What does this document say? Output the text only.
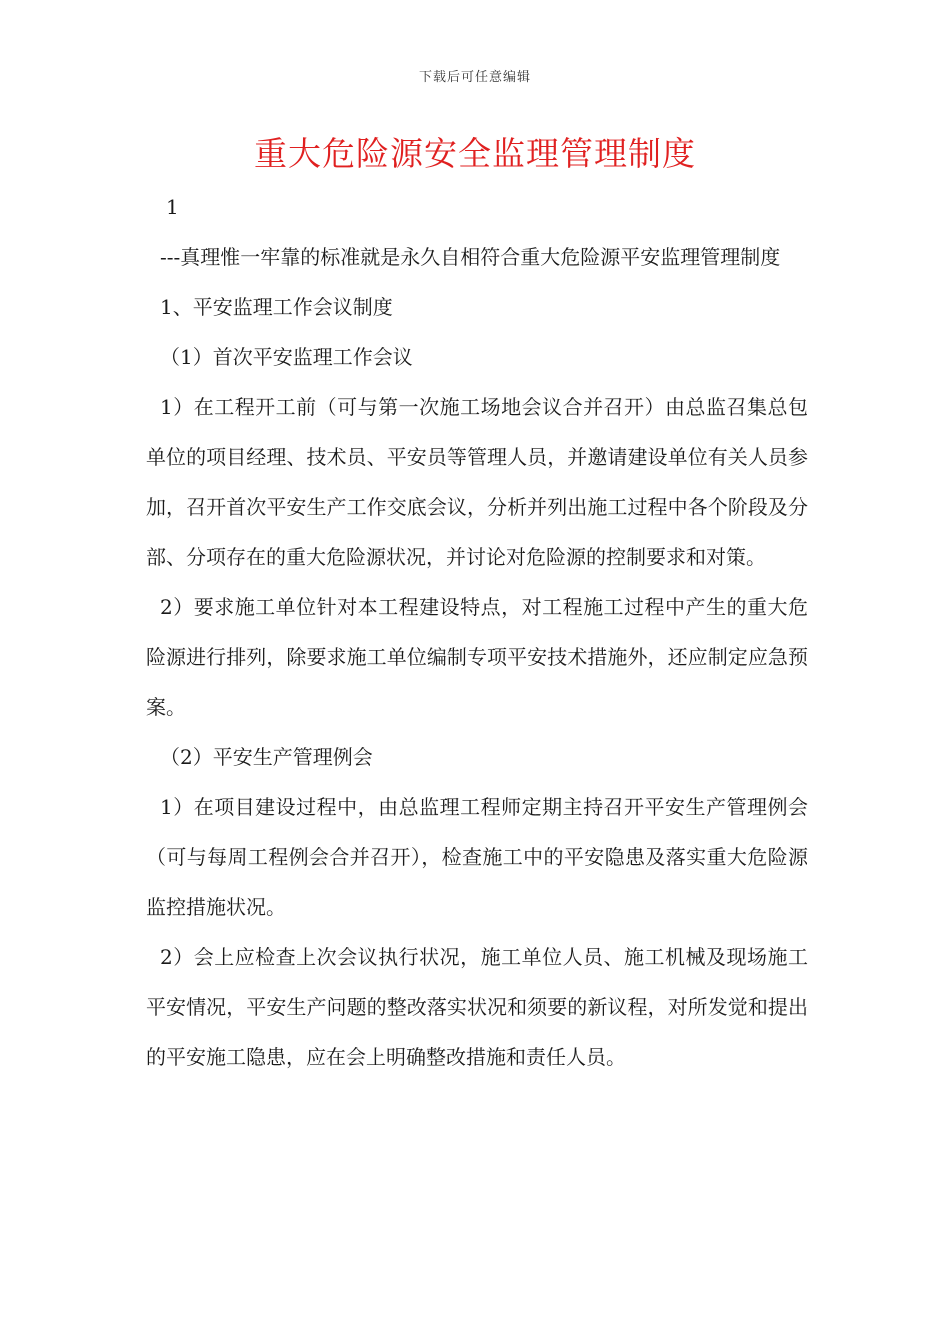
下载后可任意编辑
重大危险源安全监理管理制度

1

---真理惟一牢靠的标准就是永久自相符合重大危险源平安监理管理制度

1、平安监理工作会议制度

（1）首次平安监理工作会议

1）在工程开工前（可与第一次施工场地会议合并召开）由总监召集总包单位的项目经理、技术员、平安员等管理人员，并邀请建设单位有关人员参加，召开首次平安生产工作交底会议，分析并列出施工过程中各个阶段及分部、分项存在的重大危险源状况，并讨论对危险源的控制要求和对策。

2）要求施工单位针对本工程建设特点，对工程施工过程中产生的重大危险源进行排列，除要求施工单位编制专项平安技术措施外，还应制定应急预案。

（2）平安生产管理例会

1）在项目建设过程中，由总监理工程师定期主持召开平安生产管理例会（可与每周工程例会合并召开），检查施工中的平安隐患及落实重大危险源监控措施状况。

2）会上应检查上次会议执行状况，施工单位人员、施工机械及现场施工平安情况，平安生产问题的整改落实状况和须要的新议程，对所发觉和提出的平安施工隐患，应在会上明确整改措施和责任人员。
